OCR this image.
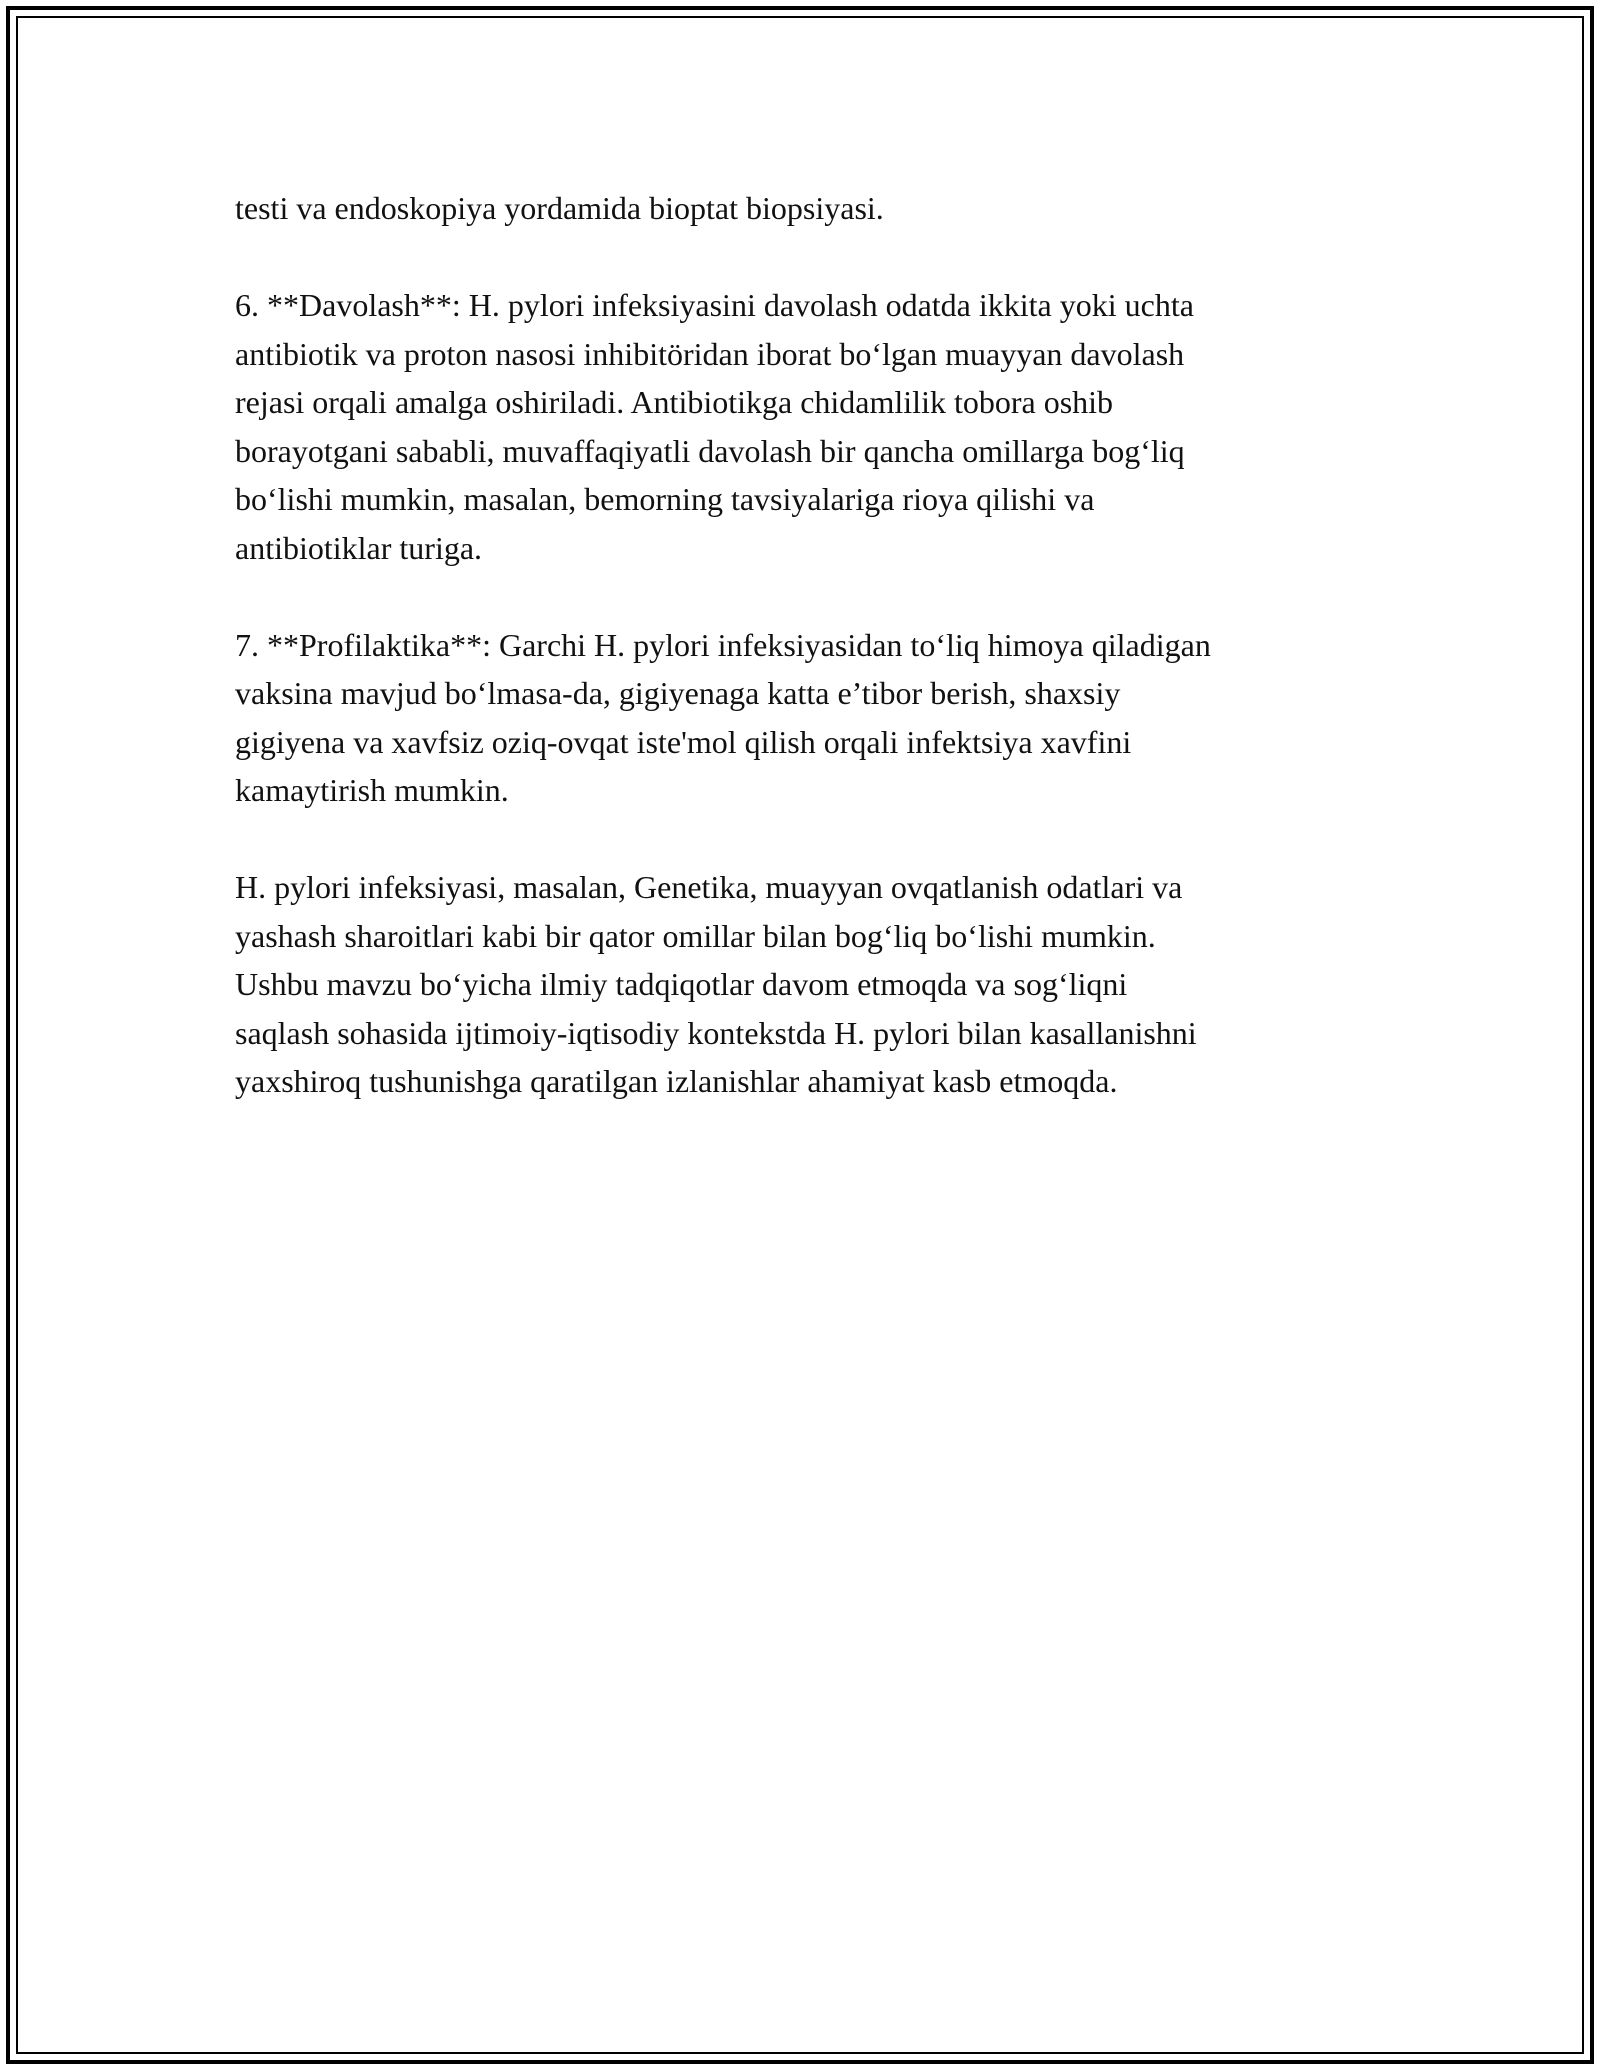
testi va endoskopiya yordamida bioptat biopsiyasi.

6. **Davolash**: H. pylori infeksiyasini davolash odatda ikkita yoki uchta
antibiotik va proton nasosi inhibitöridan iborat bo‘lgan muayyan davolash
rejasi orqali amalga oshiriladi. Antibiotikga chidamlilik tobora oshib
borayotgani sababli, muvaffaqiyatli davolash bir qancha omillarga bog‘liq
bo‘lishi mumkin, masalan, bemorning tavsiyalariga rioya qilishi va
antibiotiklar turiga.

7. **Profilaktika**: Garchi H. pylori infeksiyasidan to‘liq himoya qiladigan
vaksina mavjud bo‘lmasa-da, gigiyenaga katta e’tibor berish, shaxsiy
gigiyena va xavfsiz oziq-ovqat iste'mol qilish orqali infektsiya xavfini
kamaytirish mumkin.

H. pylori infeksiyasi, masalan, Genetika, muayyan ovqatlanish odatlari va
yashash sharoitlari kabi bir qator omillar bilan bog‘liq bo‘lishi mumkin.
Ushbu mavzu bo‘yicha ilmiy tadqiqotlar davom etmoqda va sog‘liqni
saqlash sohasida ijtimoiy-iqtisodiy kontekstda H. pylori bilan kasallanishni
yaxshiroq tushunishga qaratilgan izlanishlar ahamiyat kasb etmoqda.
